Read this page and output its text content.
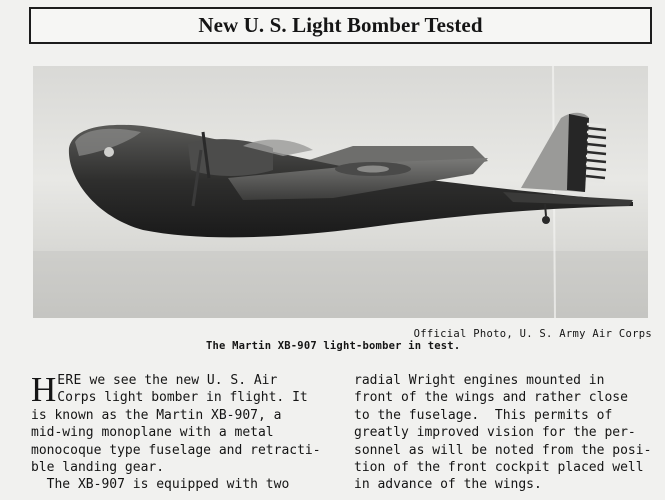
New U. S. Light Bomber Tested
Official Photo, U. S. Army Air Corps
The Martin XB-907 light-bomber in test.
H ERE we see the new U. S. Air
Corps light bomber in flight. It
is known as the Martin XB-907, a
mid-wing monoplane with a metal
monocoque type fuselage and retracti-
ble landing gear.
The XB-907 is equipped with two
radial Wright engines mounted in
front of the wings and rather close
to the fuselage.  This permits of
greatly improved vision for the per-
sonnel as will be noted from the posi-
tion of the front cockpit placed well
in advance of the wings.
